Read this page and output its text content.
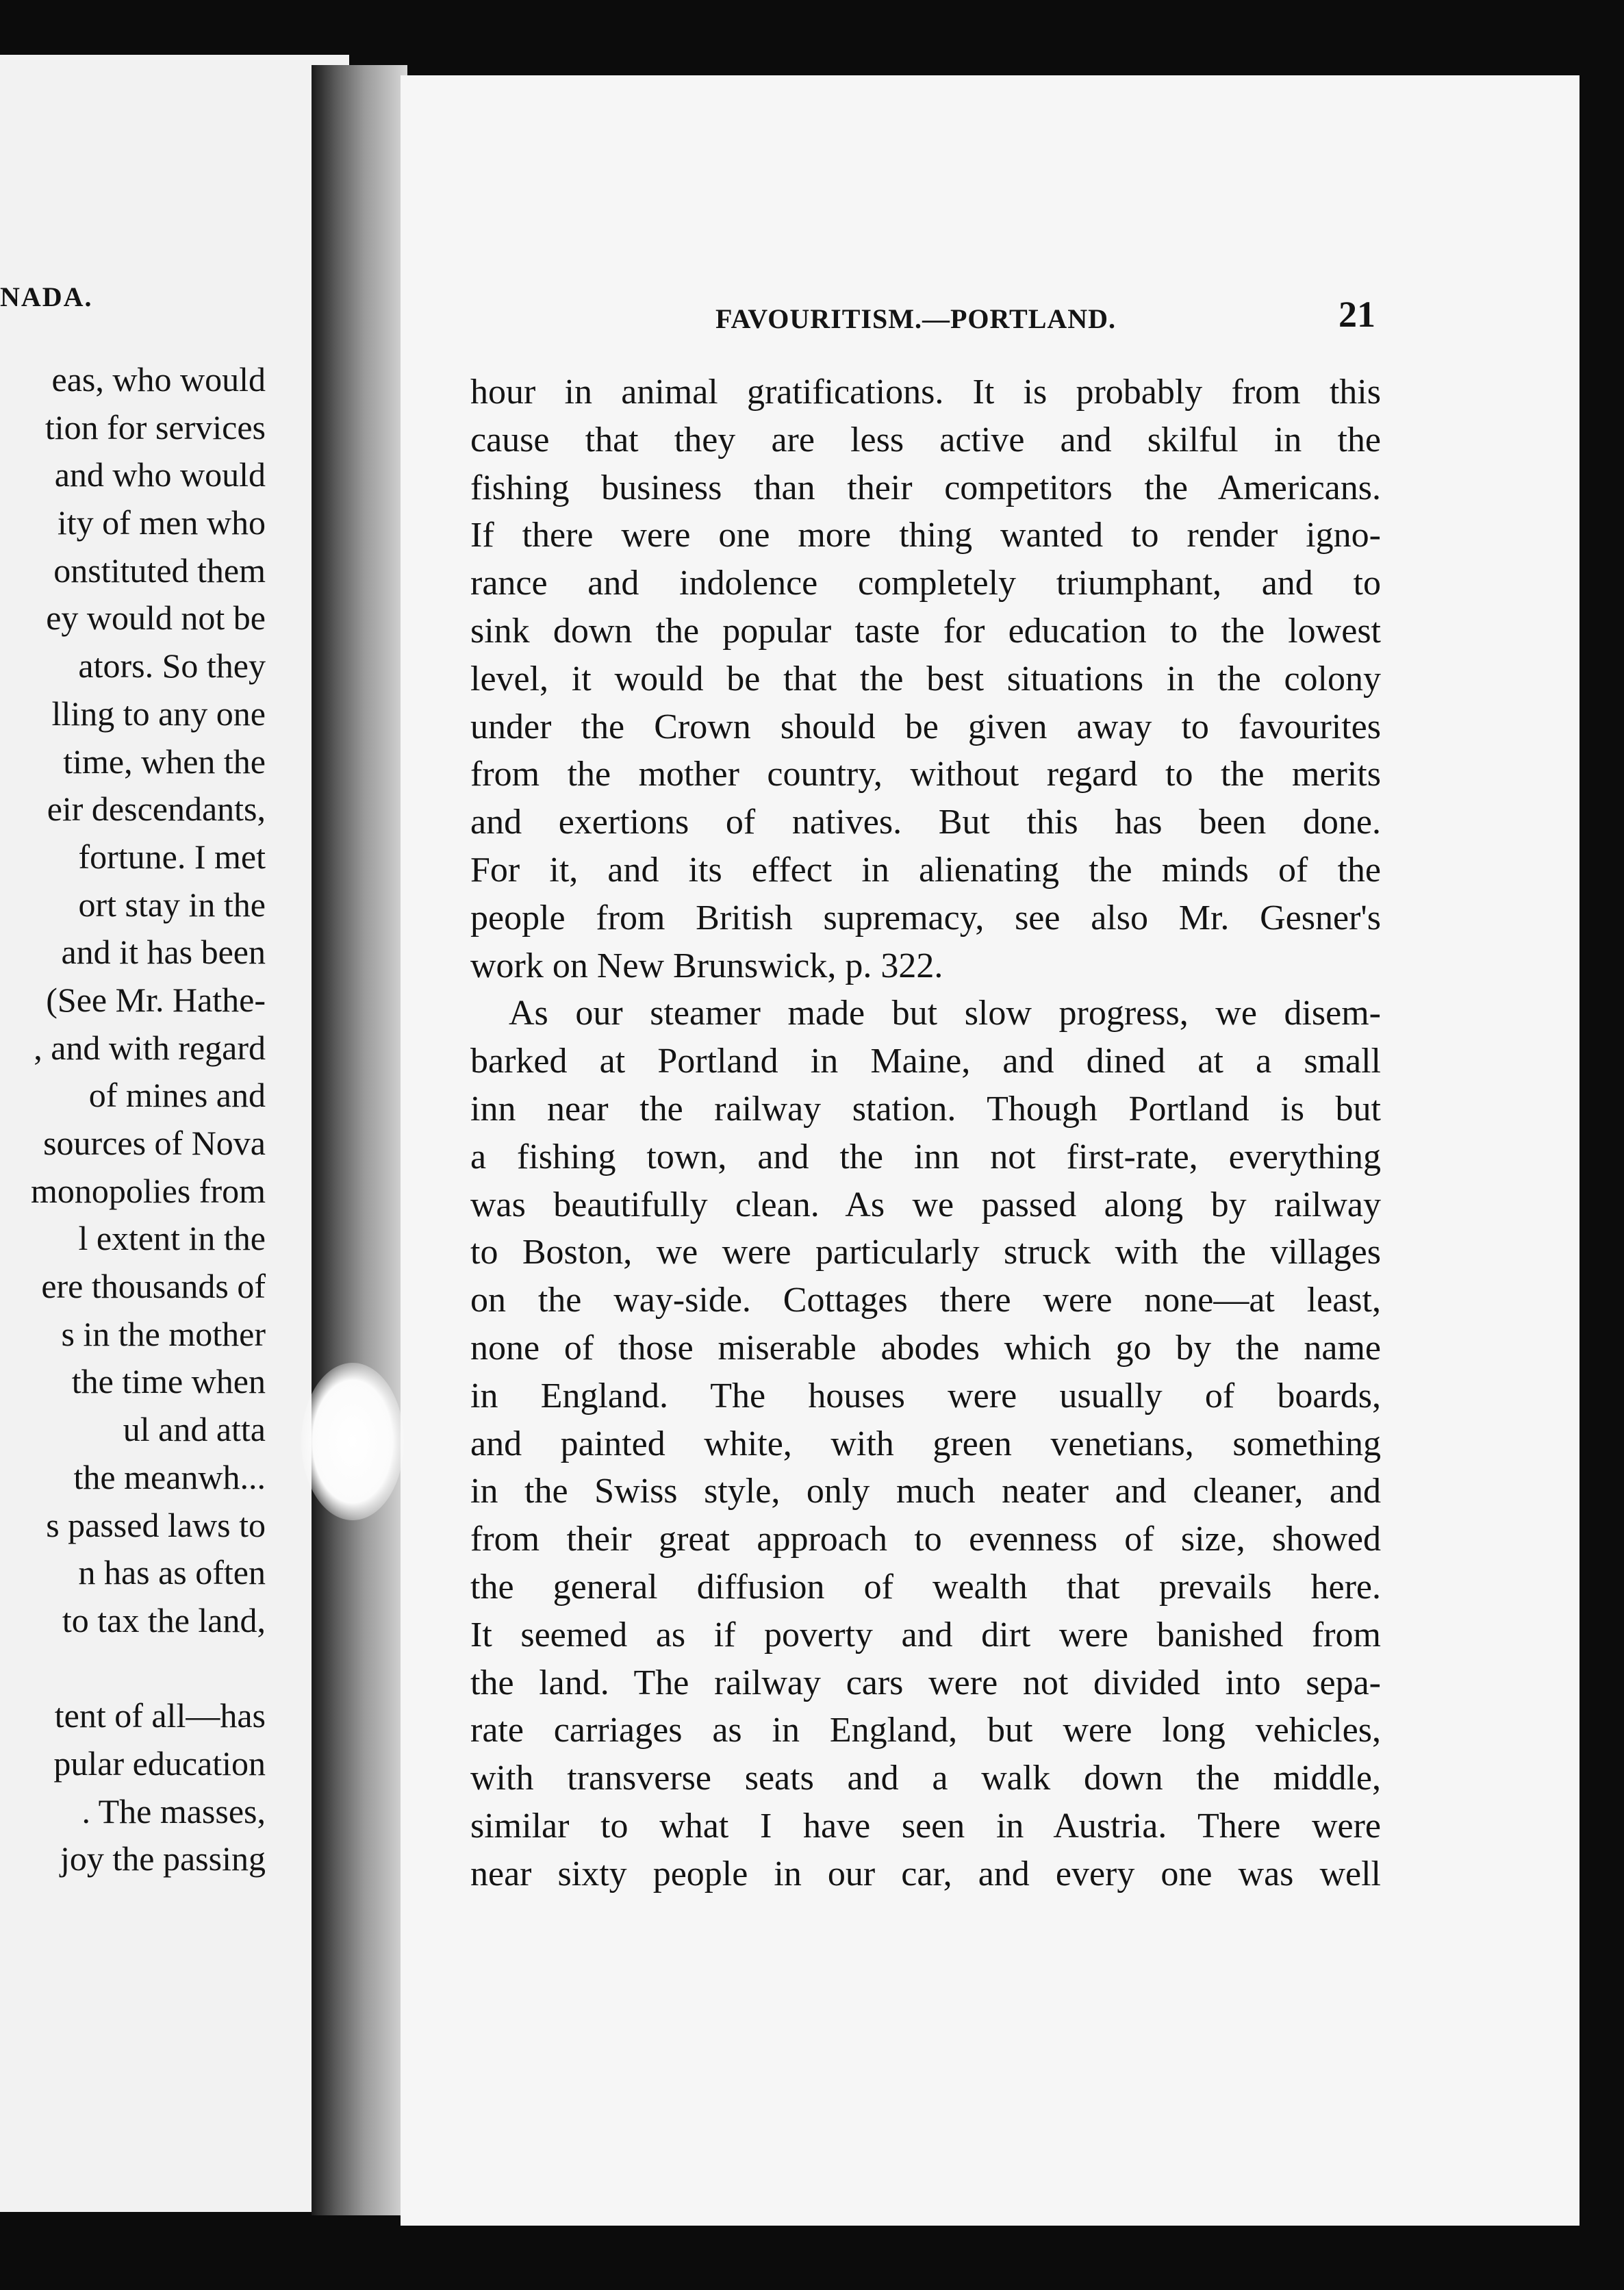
NADA.
eas, who would
tion for services
and who would
ity of men who
onstituted them
ey would not be
ators. So they
lling to any one
time, when the
eir descendants,
fortune. I met
ort stay in the
and it has been
(See Mr. Hathe-
, and with regard
of mines and
sources of Nova
monopolies from
l extent in the
ere thousands of
s in the mother
the time when
ul and atta
the meanwh...
s passed laws to
n has as often
to tax the land,
tent of all—has
pular education
. The masses,
joy the passing
FAVOURITISM.—PORTLAND.	21
hour in animal gratifications. It is probably from this
cause that they are less active and skilful in the
fishing business than their competitors the Americans.
If there were one more thing wanted to render igno-
rance and indolence completely triumphant, and to
sink down the popular taste for education to the lowest
level, it would be that the best situations in the colony
under the Crown should be given away to favourites
from the mother country, without regard to the merits
and exertions of natives. But this has been done.
For it, and its effect in alienating the minds of the
people from British supremacy, see also Mr. Gesner's
work on New Brunswick, p. 322.
As our steamer made but slow progress, we disem-
barked at Portland in Maine, and dined at a small
inn near the railway station. Though Portland is but
a fishing town, and the inn not first-rate, everything
was beautifully clean. As we passed along by railway
to Boston, we were particularly struck with the villages
on the way-side. Cottages there were none—at least,
none of those miserable abodes which go by the name
in England. The houses were usually of boards,
and painted white, with green venetians, something
in the Swiss style, only much neater and cleaner, and
from their great approach to evenness of size, showed
the general diffusion of wealth that prevails here.
It seemed as if poverty and dirt were banished from
the land. The railway cars were not divided into sepa-
rate carriages as in England, but were long vehicles,
with transverse seats and a walk down the middle,
similar to what I have seen in Austria. There were
near sixty people in our car, and every one was well
